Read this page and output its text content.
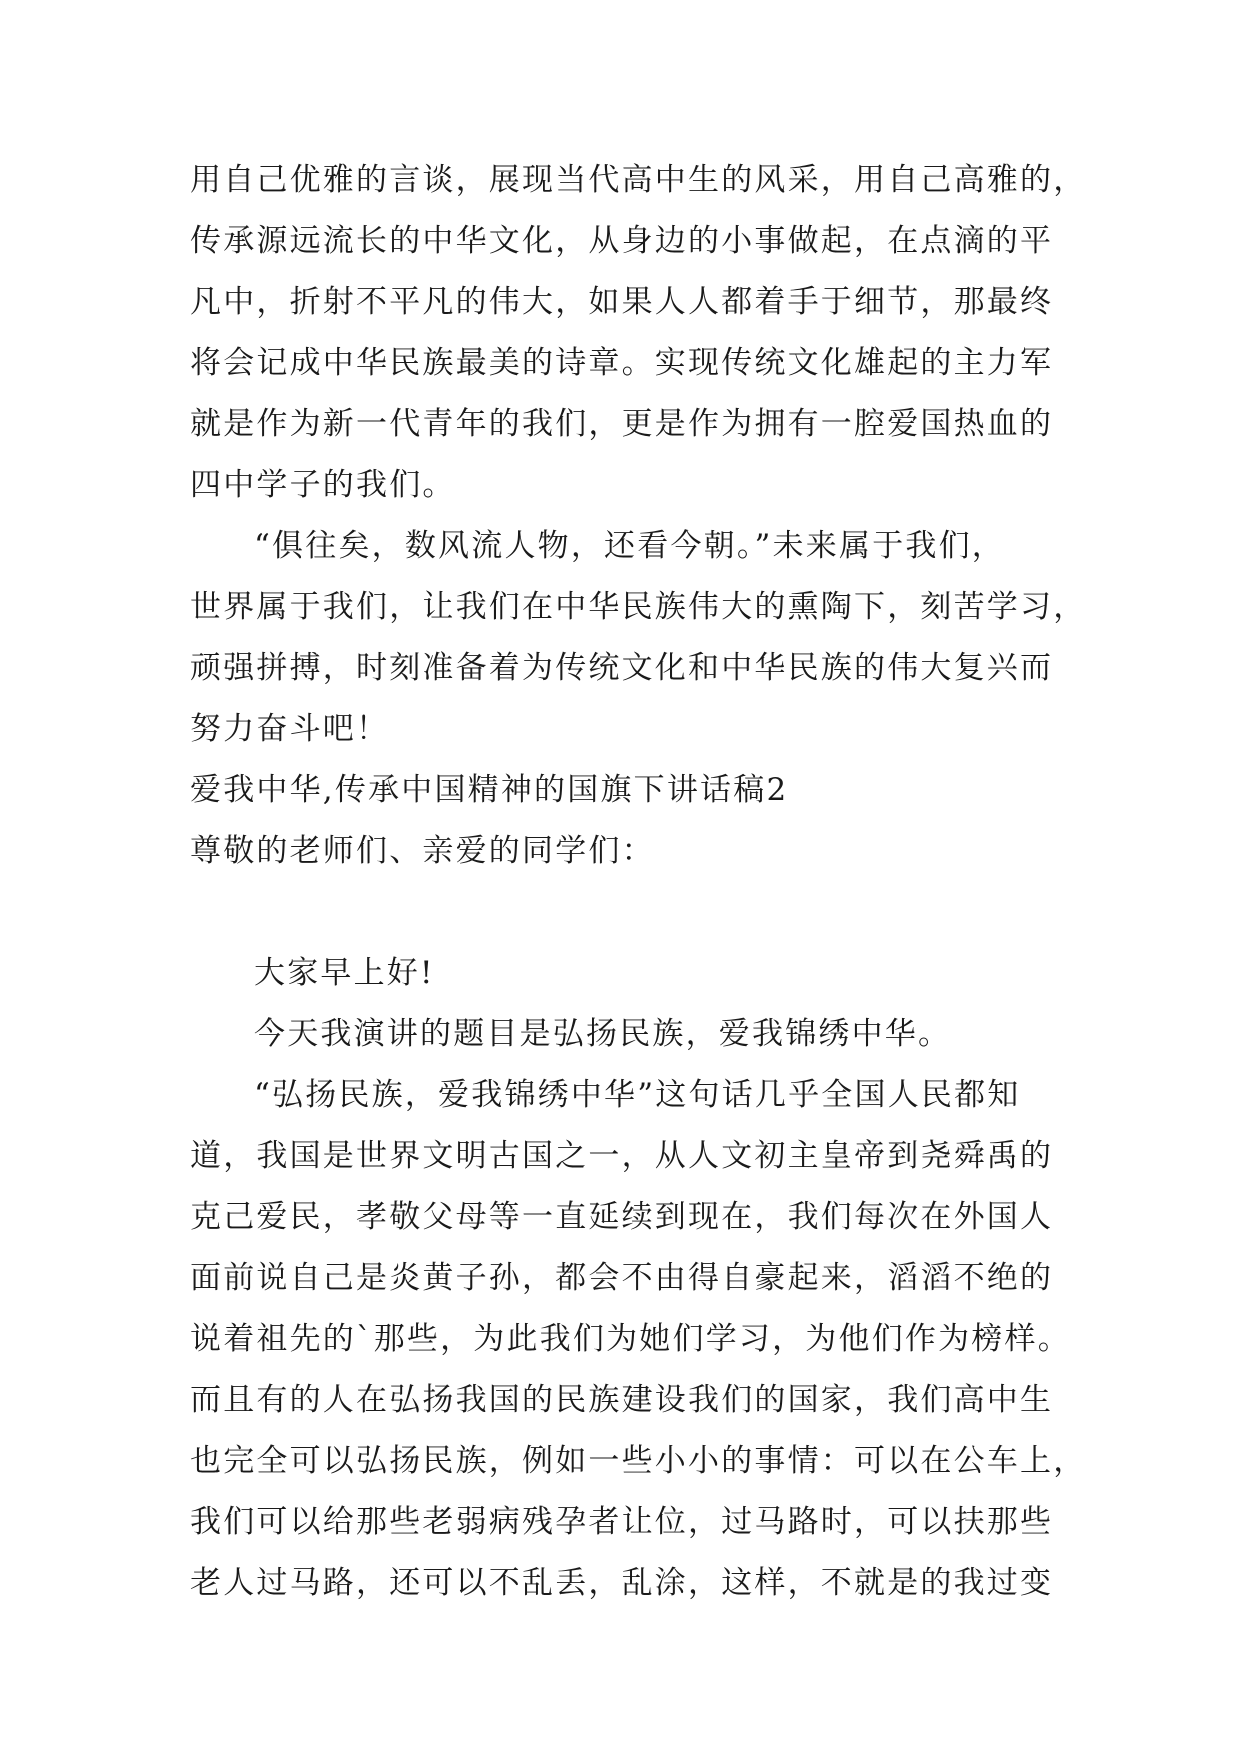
用自己优雅的言谈，展现当代高中生的风采，用自己高雅的，
传承源远流长的中华文化，从身边的小事做起，在点滴的平
凡中，折射不平凡的伟大，如果人人都着手于细节，那最终
将会记成中华民族最美的诗章。实现传统文化雄起的主力军
就是作为新一代青年的我们，更是作为拥有一腔爱国热血的
四中学子的我们。
“俱往矣，数风流人物，还看今朝。”未来属于我们，
世界属于我们，让我们在中华民族伟大的熏陶下，刻苦学习，
顽强拼搏，时刻准备着为传统文化和中华民族的伟大复兴而
努力奋斗吧！
爱我中华,传承中国精神的国旗下讲话稿2
尊敬的老师们、亲爱的同学们：
大家早上好!
今天我演讲的题目是弘扬民族，爱我锦绣中华。
“弘扬民族，爱我锦绣中华”这句话几乎全国人民都知
道，我国是世界文明古国之一，从人文初主皇帝到尧舜禹的
克己爱民，孝敬父母等一直延续到现在，我们每次在外国人
面前说自己是炎黄子孙，都会不由得自豪起来，滔滔不绝的
说着祖先的`那些，为此我们为她们学习，为他们作为榜样。
而且有的人在弘扬我国的民族建设我们的国家，我们高中生
也完全可以弘扬民族，例如一些小小的事情：可以在公车上，
我们可以给那些老弱病残孕者让位，过马路时，可以扶那些
老人过马路，还可以不乱丢，乱涂，这样，不就是的我过变
